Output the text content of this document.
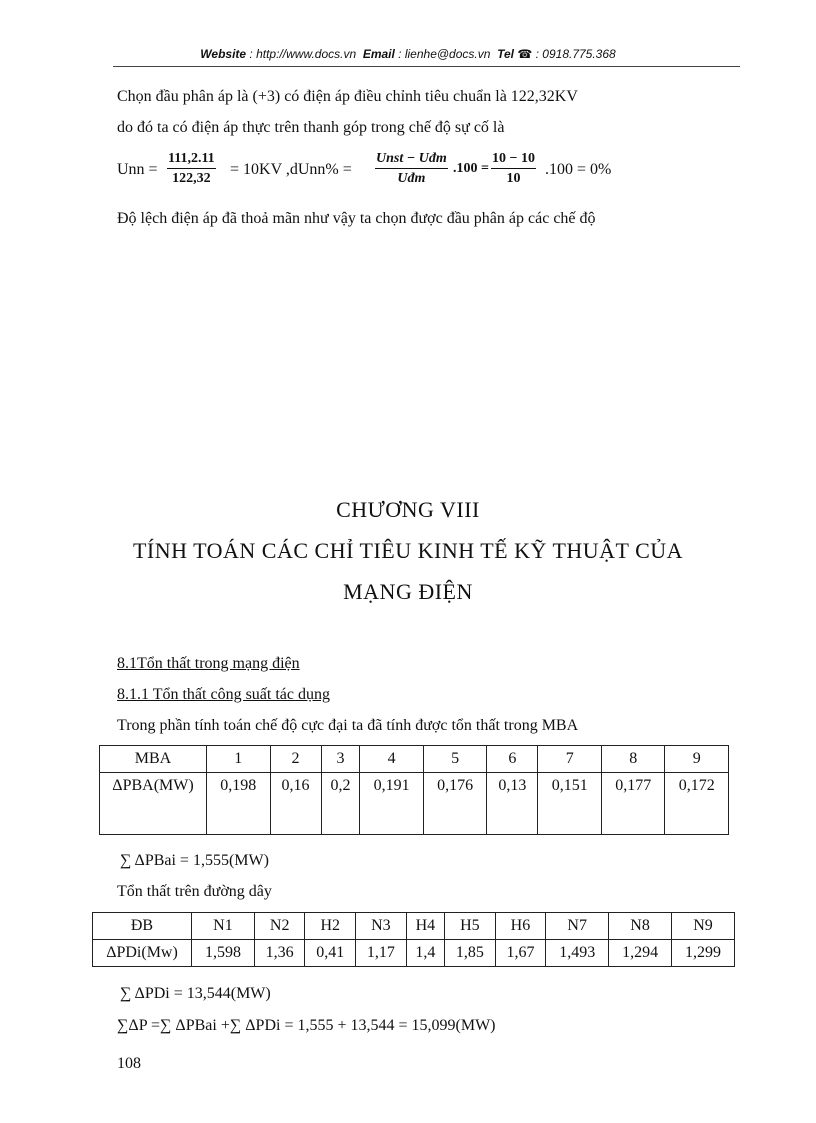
Website : http://www.docs.vn Email : lienhe@docs.vn Tel ☎ : 0918.775.368
Chọn đầu phân áp là (+3) có điện áp điều chỉnh tiêu chuẩn là 122,32KV
do đó ta có điện áp thực trên thanh góp trong chế độ sự cố là
Unn = $\frac{111,2.11}{122,32} = 10KV$ ,dUnn% =
Unst − Uđm
Uđm
$.100 = \frac{10 - 10}{10} .100 = 0\%$
Độ lệch điện áp đã thoả mãn như vậy ta chọn được đầu phân áp các chế độ
CHƯƠNG VIII
TÍNH TOÁN CÁC CHỈ TIÊU KINH TẾ KỸ THUẬT CỦA
MẠNG ĐIỆN
8.1Tổn thất trong mạng điện
8.1.1 Tổn thất công suất tác dụng
Trong phần tính toán chế độ cực đại ta đã tính được tổn thất trong MBA
MBA	1	2	3	4	5	6	7	8	9
ΔPBA(MW)	0,198	0,16	0,2	0,191	0,176	0,13	0,151	0,177	0,172
∑ ΔPBai = 1,555(MW)
Tổn thất trên đường dây
ĐB	N1	N2	H2	N3	H4	H5	H6	N7	N8	N9
ΔPDi(Mw)	1,598	1,36	0,41	1,17	1,4	1,85	1,67	1,493	1,294	1,299
∑ ΔPDi = 13,544(MW)
∑ΔP =∑ ΔPBai +∑ ΔPDi = 1,555 + 13,544 = 15,099(MW)
108
